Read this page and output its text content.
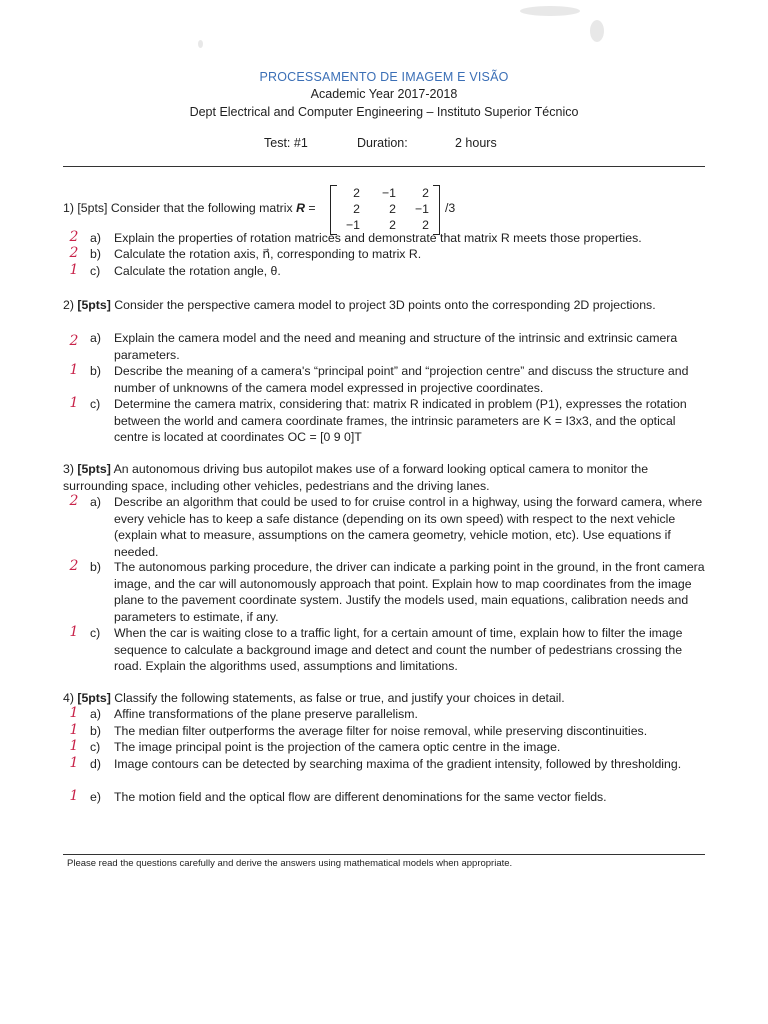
PROCESSAMENTO DE IMAGEM E VISÃO
Academic Year 2017-2018
Dept Electrical and Computer Engineering – Instituto Superior Técnico
Test: #1	Duration:	2 hours
1) [5pts] Consider that the following matrix R =
2	−1	2
2	2	−1
−1	2	2
/3
2 a) Explain the properties of rotation matrices and demonstrate that matrix R meets those properties.
2 b) Calculate the rotation axis, n⃗, corresponding to matrix R.
1 c) Calculate the rotation angle, θ.
2) [5pts] Consider the perspective camera model to project 3D points onto the corresponding 2D projections.
2 a) Explain the camera model and the need and meaning and structure of the intrinsic and extrinsic camera parameters.
1 b) Describe the meaning of a camera's “principal point” and “projection centre” and discuss the structure and number of unknowns of the camera model expressed in projective coordinates.
1 c) Determine the camera matrix, considering that: matrix R indicated in problem (P1), expresses the rotation between the world and camera coordinate frames, the intrinsic parameters are K = I3x3, and the optical centre is located at coordinates OC = [0 9 0]T
3) [5pts] An autonomous driving bus autopilot makes use of a forward looking optical camera to monitor the surrounding space, including other vehicles, pedestrians and the driving lanes.
2 a) Describe an algorithm that could be used to for cruise control in a highway, using the forward camera, where every vehicle has to keep a safe distance (depending on its own speed) with respect to the next vehicle (explain what to measure, assumptions on the camera geometry, vehicle motion, etc). Use equations if needed.
2 b) The autonomous parking procedure, the driver can indicate a parking point in the ground, in the front camera image, and the car will autonomously approach that point. Explain how to map coordinates from the image plane to the pavement coordinate system. Justify the models used, main equations, calibration needs and parameters to estimate, if any.
1 c) When the car is waiting close to a traffic light, for a certain amount of time, explain how to filter the image sequence to calculate a background image and detect and count the number of pedestrians crossing the road. Explain the algorithms used, assumptions and limitations.
4) [5pts] Classify the following statements, as false or true, and justify your choices in detail.
1 a) Affine transformations of the plane preserve parallelism.
1 b) The median filter outperforms the average filter for noise removal, while preserving discontinuities.
1 c) The image principal point is the projection of the camera optic centre in the image.
1 d) Image contours can be detected by searching maxima of the gradient intensity, followed by thresholding.
1 e) The motion field and the optical flow are different denominations for the same vector fields.
Please read the questions carefully and derive the answers using mathematical models when appropriate.
